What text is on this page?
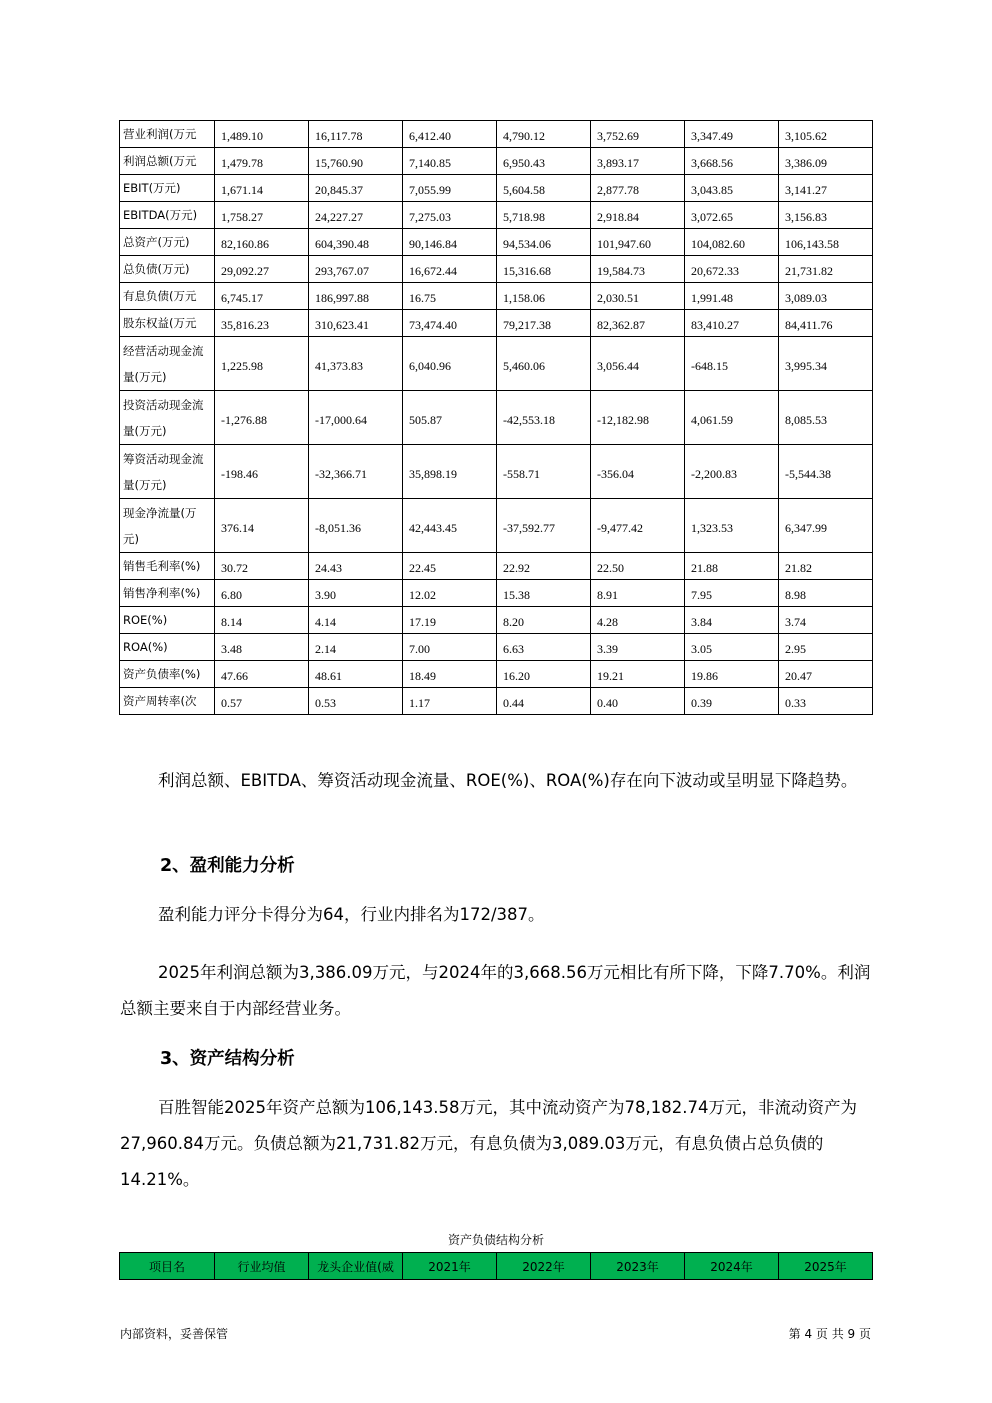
营业利润(万元	1,489.10	16,117.78	6,412.40	4,790.12	3,752.69	3,347.49	3,105.62
利润总额(万元	1,479.78	15,760.90	7,140.85	6,950.43	3,893.17	3,668.56	3,386.09
EBIT(万元)	1,671.14	20,845.37	7,055.99	5,604.58	2,877.78	3,043.85	3,141.27
EBITDA(万元)	1,758.27	24,227.27	7,275.03	5,718.98	2,918.84	3,072.65	3,156.83
总资产(万元)	82,160.86	604,390.48	90,146.84	94,534.06	101,947.60	104,082.60	106,143.58
总负债(万元)	29,092.27	293,767.07	16,672.44	15,316.68	19,584.73	20,672.33	21,731.82
有息负债(万元	6,745.17	186,997.88	16.75	1,158.06	2,030.51	1,991.48	3,089.03
股东权益(万元	35,816.23	310,623.41	73,474.40	79,217.38	82,362.87	83,410.27	84,411.76
经营活动现金流量(万元)	1,225.98	41,373.83	6,040.96	5,460.06	3,056.44	-648.15	3,995.34
投资活动现金流量(万元)	-1,276.88	-17,000.64	505.87	-42,553.18	-12,182.98	4,061.59	8,085.53
筹资活动现金流量(万元)	-198.46	-32,366.71	35,898.19	-558.71	-356.04	-2,200.83	-5,544.38
现金净流量(万元)	376.14	-8,051.36	42,443.45	-37,592.77	-9,477.42	1,323.53	6,347.99
销售毛利率(%)	30.72	24.43	22.45	22.92	22.50	21.88	21.82
销售净利率(%)	6.80	3.90	12.02	15.38	8.91	7.95	8.98
ROE(%)	8.14	4.14	17.19	8.20	4.28	3.84	3.74
ROA(%)	3.48	2.14	7.00	6.63	3.39	3.05	2.95
资产负债率(%)	47.66	48.61	18.49	16.20	19.21	19.86	20.47
资产周转率(次	0.57	0.53	1.17	0.44	0.40	0.39	0.33

利润总额、EBITDA、筹资活动现金流量、ROE(%)、ROA(%)存在向下波动或呈明显下降趋势。

2、盈利能力分析

盈利能力评分卡得分为64，行业内排名为172/387。

2025年利润总额为3,386.09万元，与2024年的3,668.56万元相比有所下降，下降7.70%。利润总额主要来自于内部经营业务。

3、资产结构分析

百胜智能2025年资产总额为106,143.58万元，其中流动资产为78,182.74万元，非流动资产为27,960.84万元。负债总额为21,731.82万元，有息负债为3,089.03万元，有息负债占总负债的14.21%。

资产负债结构分析
项目名	行业均值	龙头企业值(威	2021年	2022年	2023年	2024年	2025年
内部资料，妥善保管	第 4 页 共 9 页
